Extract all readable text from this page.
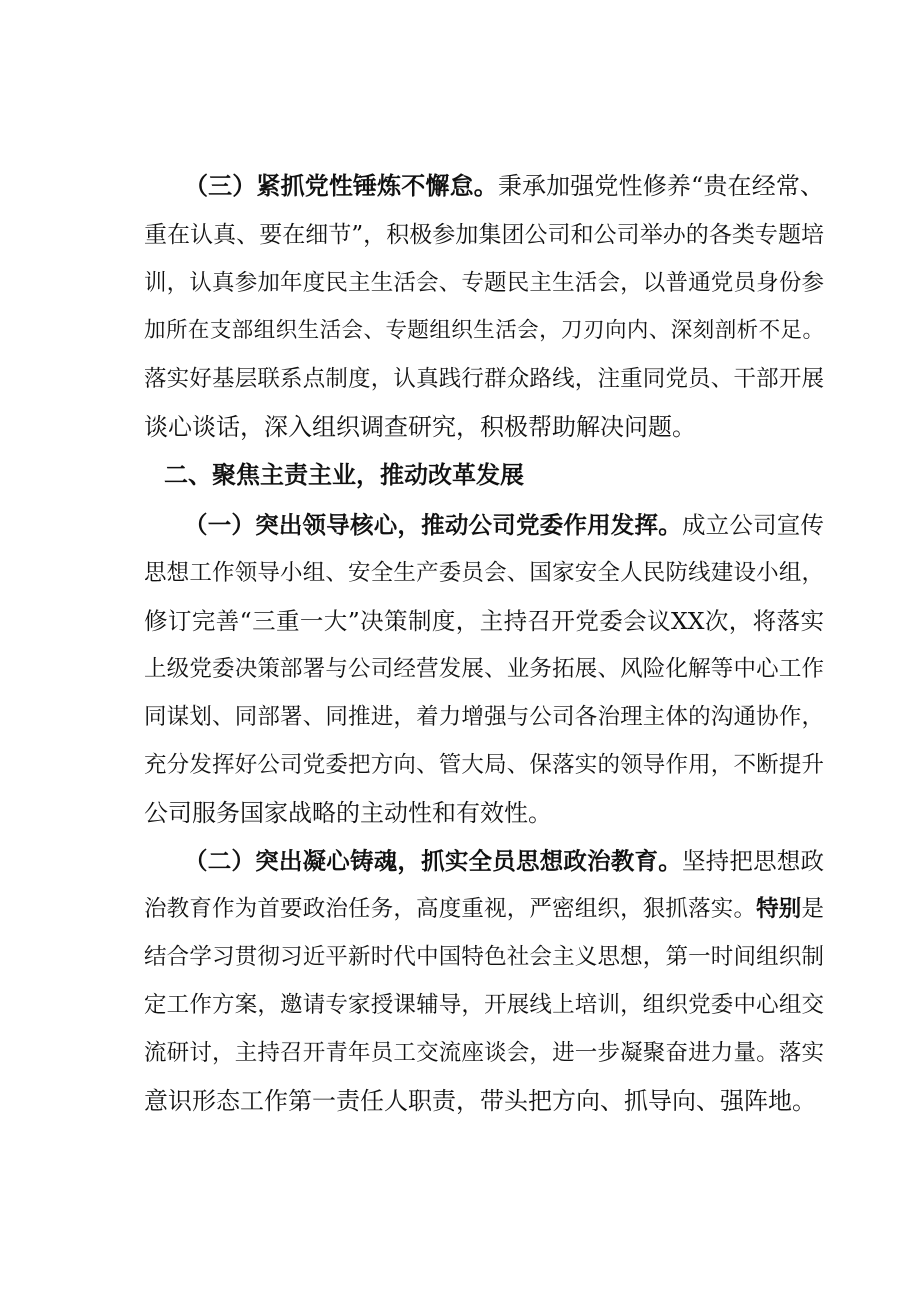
（三）紧抓党性锤炼不懈怠。秉承加强党性修养“贵在经常、
重在认真、要在细节”，积极参加集团公司和公司举办的各类专题培
训，认真参加年度民主生活会、专题民主生活会，以普通党员身份参
加所在支部组织生活会、专题组织生活会，刀刃向内、深刻剖析不足。
落实好基层联系点制度，认真践行群众路线，注重同党员、干部开展
谈心谈话，深入组织调查研究，积极帮助解决问题。
二、聚焦主责主业，推动改革发展
（一）突出领导核心，推动公司党委作用发挥。成立公司宣传
思想工作领导小组、安全生产委员会、国家安全人民防线建设小组，
修订完善“三重一大”决策制度，主持召开党委会议XX次，将落实
上级党委决策部署与公司经营发展、业务拓展、风险化解等中心工作
同谋划、同部署、同推进，着力增强与公司各治理主体的沟通协作，
充分发挥好公司党委把方向、管大局、保落实的领导作用，不断提升
公司服务国家战略的主动性和有效性。
（二）突出凝心铸魂，抓实全员思想政治教育。坚持把思想政
治教育作为首要政治任务，高度重视，严密组织，狠抓落实。特别是
结合学习贯彻习近平新时代中国特色社会主义思想，第一时间组织制
定工作方案，邀请专家授课辅导，开展线上培训，组织党委中心组交
流研讨，主持召开青年员工交流座谈会，进一步凝聚奋进力量。落实
意识形态工作第一责任人职责，带头把方向、抓导向、强阵地。
